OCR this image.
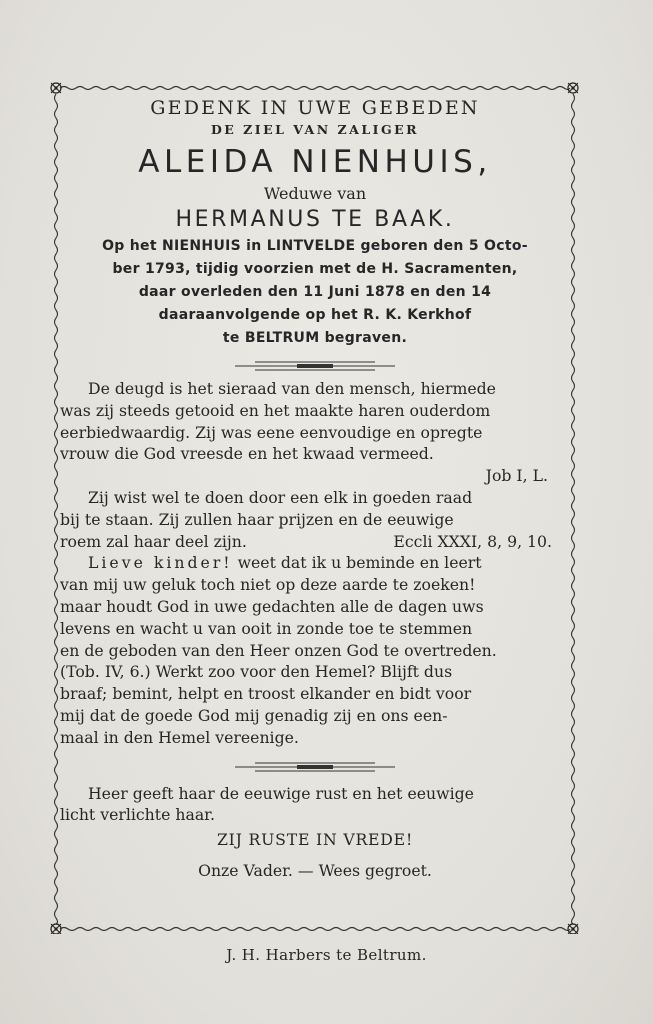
GEDENK IN UWE GEBEDEN
DE ZIEL VAN ZALIGER
ALEIDA NIENHUIS,
Weduwe van
HERMANUS TE BAAK.
Op het NIENHUIS in LINTVELDE geboren den 5 Octo-
ber 1793, tijdig voorzien met de H. Sacramenten,
daar overleden den 11 Juni 1878 en den 14
daaraanvolgende op het R. K. Kerkhof
te BELTRUM begraven.
De deugd is het sieraad van den mensch, hiermede
was zij steeds getooid en het maakte haren ouderdom
eerbiedwaardig. Zij was eene eenvoudige en opregte
vrouw die God vreesde en het kwaad vermeed.
Job I, L.
Zij wist wel te doen door een elk in goeden raad
bij te staan. Zij zullen haar prijzen en de eeuwige
roem zal haar deel zijn.	Eccli XXXI, 8, 9, 10.
Lieve kinder! weet dat ik u beminde en leert
van mij uw geluk toch niet op deze aarde te zoeken!
maar houdt God in uwe gedachten alle de dagen uws
levens en wacht u van ooit in zonde toe te stemmen
en de geboden van den Heer onzen God te overtreden.
(Tob. IV, 6.) Werkt zoo voor den Hemel? Blijft dus
braaf; bemint, helpt en troost elkander en bidt voor
mij dat de goede God mij genadig zij en ons een-
maal in den Hemel vereenige.
Heer geeft haar de eeuwige rust en het eeuwige
licht verlichte haar.
ZIJ RUSTE IN VREDE!
Onze Vader. — Wees gegroet.
J. H. Harbers te Beltrum.
